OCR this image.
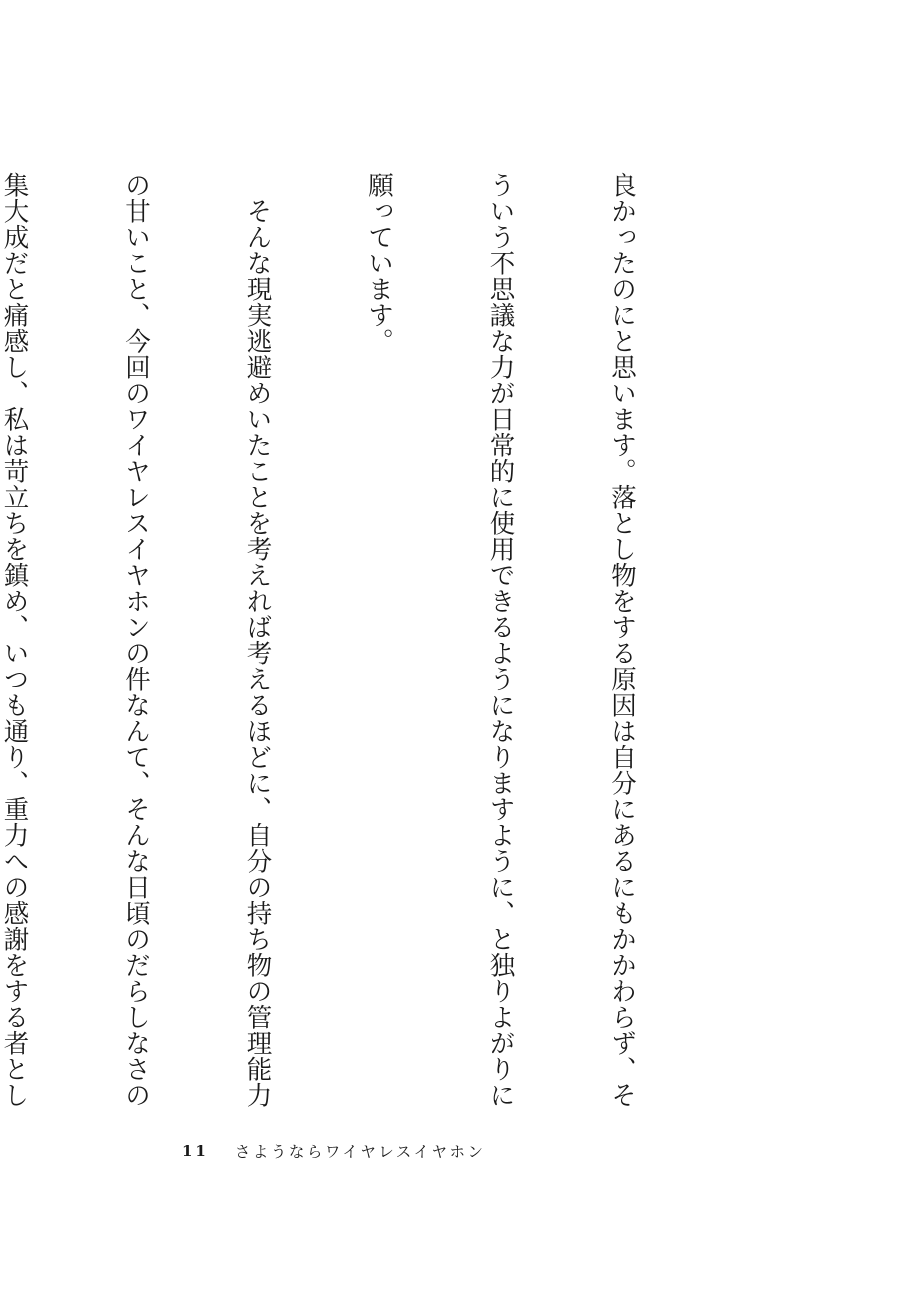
良かったのにと思います。落とし物をする原因は自分にあるにもかかわらず、そ

ういう不思議な力が日常的に使用できるようになりますように、と独りよがりに

願っています。

　そんな現実逃避めいたことを考えれば考えるほどに、自分の持ち物の管理能力

の甘いこと、今回のワイヤレスイヤホンの件なんて、そんな日頃のだらしなさの

集大成だと痛感し、私は苛立ちを鎮め、いつも通り、重力への感謝をする者とし

11 さようならワイヤレスイヤホン
